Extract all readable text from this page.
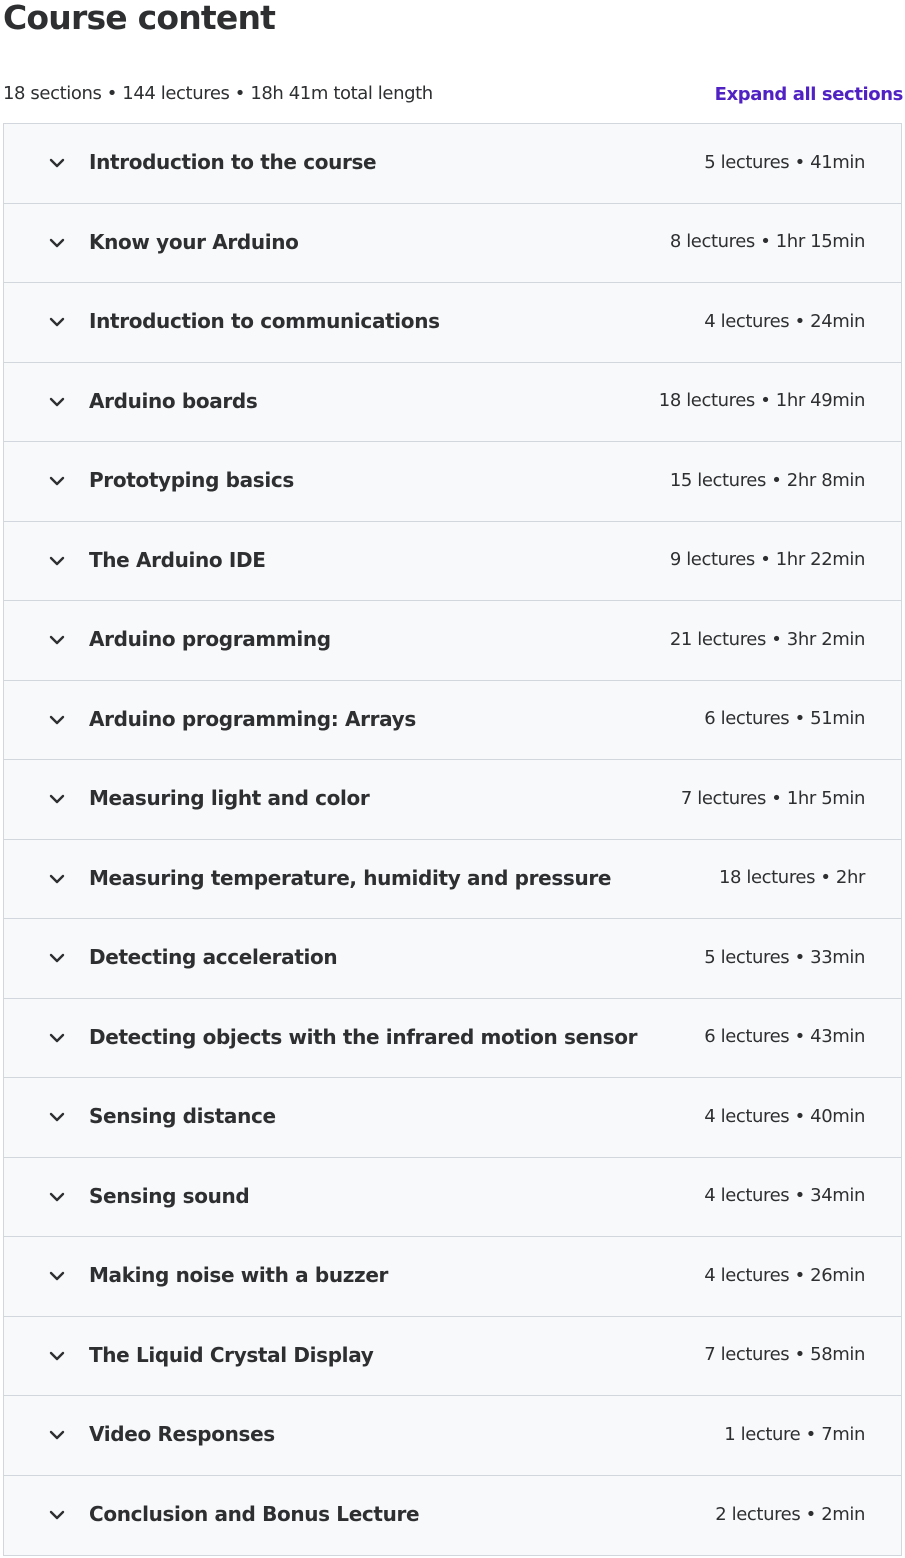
Course content
18 sections • 144 lectures • 18h 41m total length	Expand all sections
Introduction to the course	5 lectures • 41min
Know your Arduino	8 lectures • 1hr 15min
Introduction to communications	4 lectures • 24min
Arduino boards	18 lectures • 1hr 49min
Prototyping basics	15 lectures • 2hr 8min
The Arduino IDE	9 lectures • 1hr 22min
Arduino programming	21 lectures • 3hr 2min
Arduino programming: Arrays	6 lectures • 51min
Measuring light and color	7 lectures • 1hr 5min
Measuring temperature, humidity and pressure	18 lectures • 2hr
Detecting acceleration	5 lectures • 33min
Detecting objects with the infrared motion sensor	6 lectures • 43min
Sensing distance	4 lectures • 40min
Sensing sound	4 lectures • 34min
Making noise with a buzzer	4 lectures • 26min
The Liquid Crystal Display	7 lectures • 58min
Video Responses	1 lecture • 7min
Conclusion and Bonus Lecture	2 lectures • 2min
